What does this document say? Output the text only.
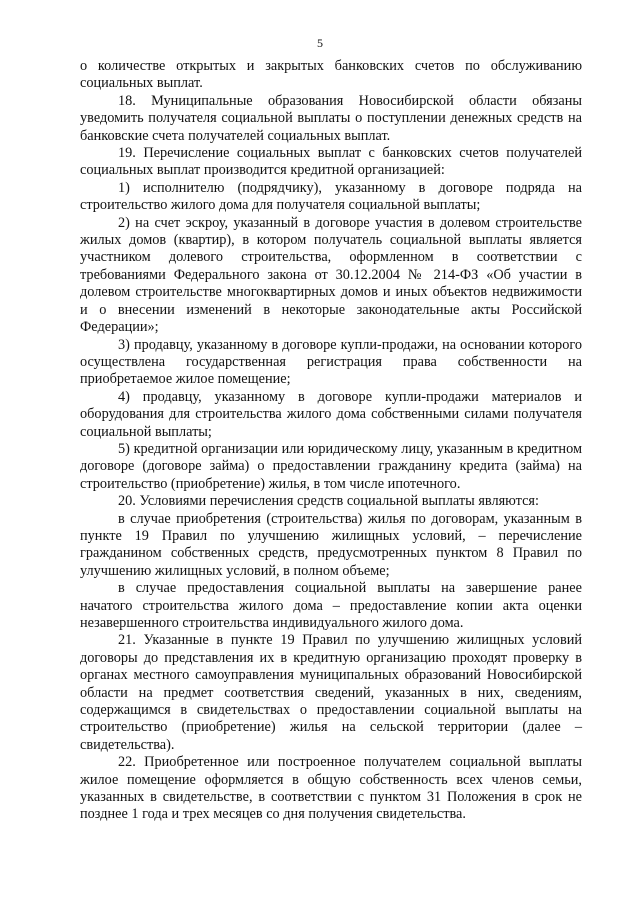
5

о количестве открытых и закрытых банковских счетов по обслуживанию социальных выплат.

18. Муниципальные образования Новосибирской области обязаны уведомить получателя социальной выплаты о поступлении денежных средств на банковские счета получателей социальных выплат.

19. Перечисление социальных выплат с банковских счетов получателей социальных выплат производится кредитной организацией:

1) исполнителю (подрядчику), указанному в договоре подряда на строительство жилого дома для получателя социальной выплаты;

2) на счет эскроу, указанный в договоре участия в долевом строительстве жилых домов (квартир), в котором получатель социальной выплаты является участником долевого строительства, оформленном в соответствии с требованиями Федерального закона от 30.12.2004 № 214-ФЗ «Об участии в долевом строительстве многоквартирных домов и иных объектов недвижимости и о внесении изменений в некоторые законодательные акты Российской Федерации»;

3) продавцу, указанному в договоре купли-продажи, на основании которого осуществлена государственная регистрация права собственности на приобретаемое жилое помещение;

4) продавцу, указанному в договоре купли-продажи материалов и оборудования для строительства жилого дома собственными силами получателя социальной выплаты;

5) кредитной организации или юридическому лицу, указанным в кредитном договоре (договоре займа) о предоставлении гражданину кредита (займа) на строительство (приобретение) жилья, в том числе ипотечного.

20. Условиями перечисления средств социальной выплаты являются:

в случае приобретения (строительства) жилья по договорам, указанным в пункте 19 Правил по улучшению жилищных условий, – перечисление гражданином собственных средств, предусмотренных пунктом 8 Правил по улучшению жилищных условий, в полном объеме;

в случае предоставления социальной выплаты на завершение ранее начатого строительства жилого дома – предоставление копии акта оценки незавершенного строительства индивидуального жилого дома.

21. Указанные в пункте 19 Правил по улучшению жилищных условий договоры до представления их в кредитную организацию проходят проверку в органах местного самоуправления муниципальных образований Новосибирской области на предмет соответствия сведений, указанных в них, сведениям, содержащимся в свидетельствах о предоставлении социальной выплаты на строительство (приобретение) жилья на сельской территории (далее – свидетельства).

22. Приобретенное или построенное получателем социальной выплаты жилое помещение оформляется в общую собственность всех членов семьи, указанных в свидетельстве, в соответствии с пунктом 31 Положения в срок не позднее 1 года и трех месяцев со дня получения свидетельства.
